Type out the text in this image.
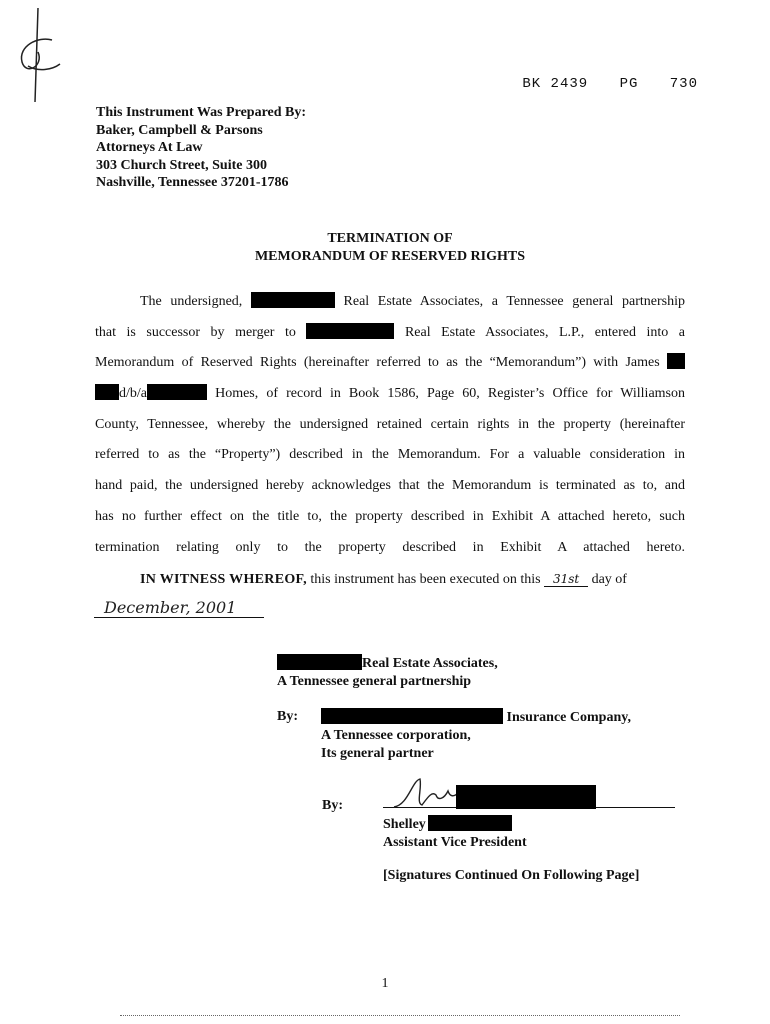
BK 2439 PG 730
This Instrument Was Prepared By:
Baker, Campbell & Parsons
Attorneys At Law
303 Church Street, Suite 300
Nashville, Tennessee 37201-1786
TERMINATION OF
MEMORANDUM OF RESERVED RIGHTS
The undersigned,	Real Estate Associates, a Tennessee general partnership
that is successor by merger to	Real Estate Associates, L.P., entered into a
Memorandum of Reserved Rights (hereinafter referred to as the “Memorandum”) with James
d/b/a	Homes, of record in Book 1586, Page 60, Register’s Office for Williamson
County, Tennessee, whereby the undersigned retained certain rights in the property (hereinafter
referred to as the “Property”) described in the Memorandum. For a valuable consideration in
hand paid, the undersigned hereby acknowledges that the Memorandum is terminated as to, and
has no further effect on the title to, the property described in Exhibit A attached hereto, such
termination relating only to the property described in Exhibit A attached hereto.
IN WITNESS WHEREOF, this instrument has been executed on this 31st day of
December, 2001
Real Estate Associates,
A Tennessee general partnership
By:	Insurance Company,
A Tennessee corporation,
Its general partner
By:
Shelley
Assistant Vice President
[Signatures Continued On Following Page]
1
